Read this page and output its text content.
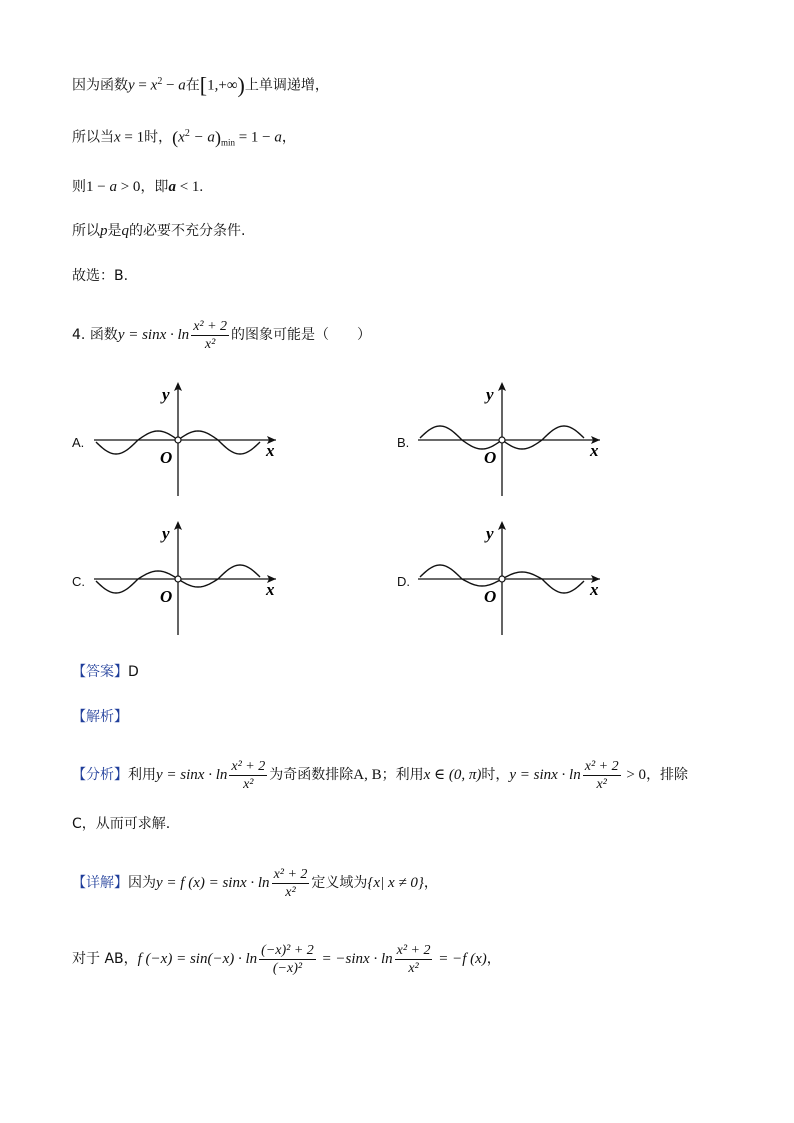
因为函数$y = x^2 - a$在[1,+∞)上单调递增，
所以当x = 1时，$(x^2 - a)_{min} = 1 - a$，
则1 − a > 0，即a < 1.
所以p是q的必要不充分条件.
故选：B.
4. 函数$y = \sin x \cdot \ln \frac{\text{x² + 2}}{\text{x²}}$ 的图象可能是（　　）
A.	B.
C.	D.
y
x
O
y
x
O
y
x
O
y
x
O
【答案】D
【解析】
【分析】利用$y = \sin x \cdot \ln \frac{\text{x² + 2}}{\text{x²}}$ 为奇函数排除A, B；利用x ∈ (0, π)时，$y = \sin x \cdot \ln \frac{\text{x² + 2}}{\text{x²}} > 0$，排除
C，从而可求解.
【详解】因为y = f $(x) = \sin x \cdot \ln \frac{\text{x² + 2}}{\text{x²}}$ 定义域为{x| x ≠ 0}，
对于 AB，f $(-x) = \sin(-x) \cdot \ln \frac{\text{(−x)² + 2}}{\text{(−x)²}} = -\sin x \cdot \ln \frac{\text{x² + 2}}{\text{x²}} = -f$ (x)，
